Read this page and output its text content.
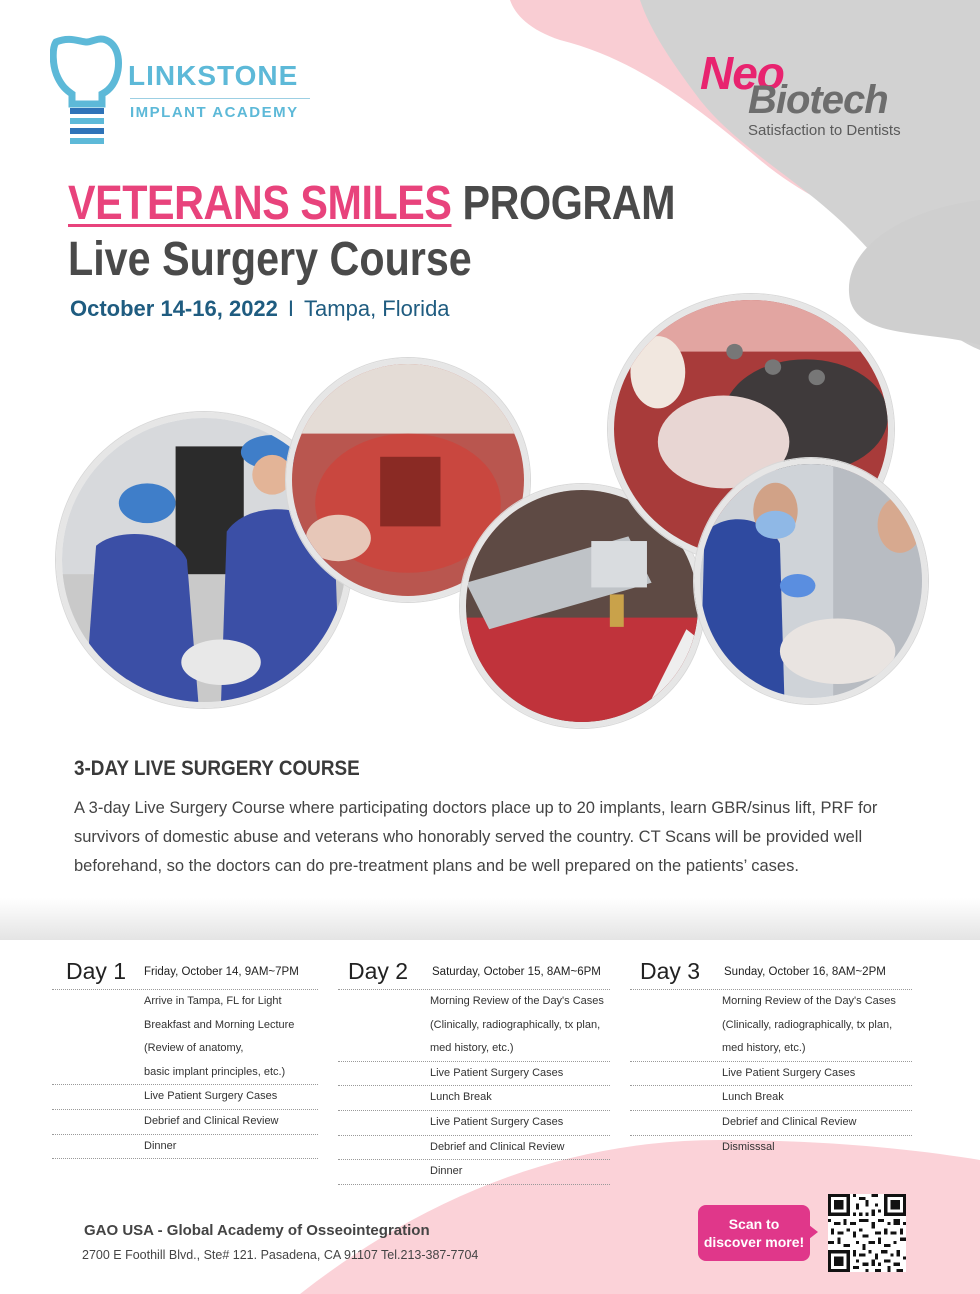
LINKSTONE
IMPLANT ACADEMY
Neo
Biotech
Satisfaction to Dentists
VETERANS SMILES PROGRAM
Live Surgery Course
October 14-16, 2022 I Tampa, Florida
3-DAY LIVE SURGERY COURSE

A 3-day Live Surgery Course where participating doctors place up to 20 implants, learn GBR/sinus lift, PRF for survivors of domestic abuse and veterans who honorably served the country. CT Scans will be provided well beforehand, so the doctors can do pre-treatment plans and be well prepared on the patients’ cases.

Day 1 Friday, October 14, 9AM~7PM
Arrive in Tampa, FL for Light
Breakfast and Morning Lecture
(Review of anatomy,
basic implant principles, etc.)
Live Patient Surgery Cases
Debrief and Clinical Review
Dinner
Day 2 Saturday, October 15, 8AM~6PM
Morning Review of the Day's Cases
(Clinically, radiographically, tx plan,
med history, etc.)
Live Patient Surgery Cases
Lunch Break
Live Patient Surgery Cases
Debrief and Clinical Review
Dinner
Day 3 Sunday, October 16, 8AM~2PM
Morning Review of the Day's Cases
(Clinically, radiographically, tx plan,
med history, etc.)
Live Patient Surgery Cases
Lunch Break
Debrief and Clinical Review
Dismisssal
GAO USA - Global Academy of Osseointegration
2700 E Foothill Blvd., Ste# 121. Pasadena, CA 91107 Tel.213-387-7704
Scan to
discover more!
